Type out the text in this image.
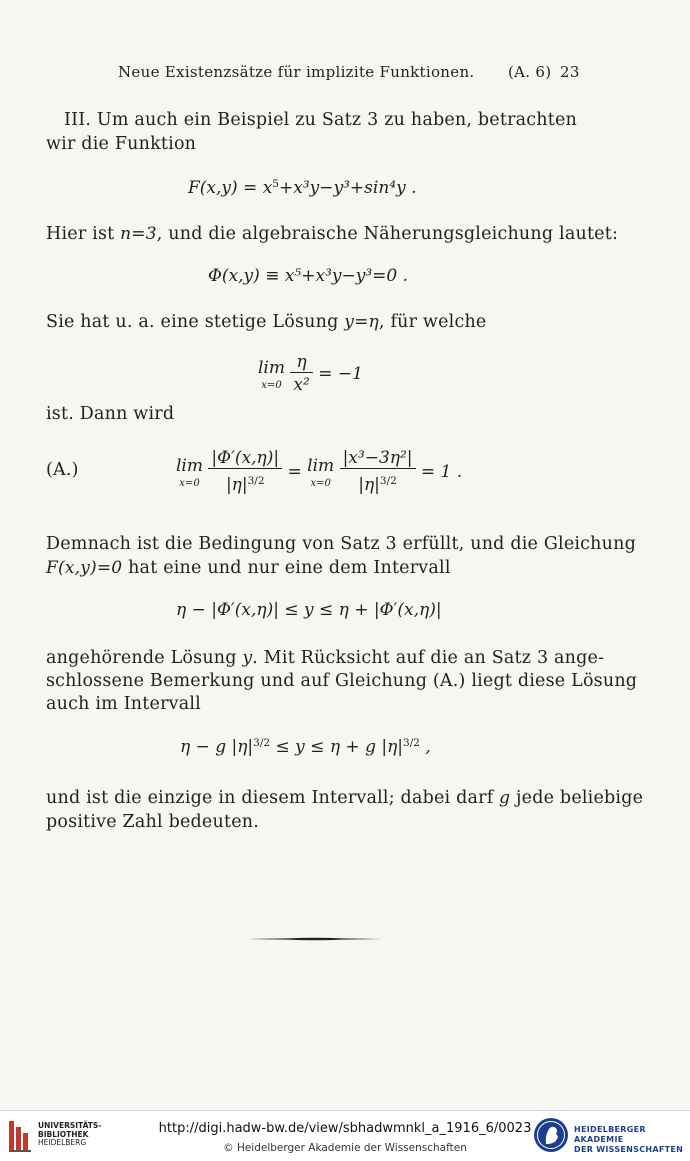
Neue Existenzsätze für implizite Funktionen. (A. 6) 23
III. Um auch ein Beispiel zu Satz 3 zu haben, betrachten
wir die Funktion
$F(x,y) = x^5+x^3y-y^3+\sin^4y$ .
Hier ist n=3, und die algebraische Näherungsgleichung lautet:
Φ(x,y) ≡ x⁵+x³y−y³=0 .
Sie hat u. a. eine stetige Lösung y=η, für welche
lim
x=0
$\frac{\eta}{\text{x²}} = -1$
ist. Dann wird
(A.)	lim
x=0
$\frac{|\Phi'(x,\eta)|}{|\eta|^{3/2}} = \lim$
x=0
$\frac{\text{|x³−3η²|}}{|\eta|^{3/2}} = 1$ .
Demnach ist die Bedingung von Satz 3 erfüllt, und die Gleichung
F(x,y)=0 hat eine und nur eine dem Intervall
η − |Φ′(x,η)| ≤ y ≤ η + |Φ′(x,η)|
angehörende Lösung y. Mit Rücksicht auf die an Satz 3 ange-
schlossene Bemerkung und auf Gleichung (A.) liegt diese Lösung
auch im Intervall
η − g $|\eta|^{3/2} \le y \le \eta + g$ $|\eta|^{3/2}$ ,
und ist die einzige in diesem Intervall; dabei darf g jede beliebige
positive Zahl bedeuten.
UNIVERSITÄTS-
BIBLIOTHEK
HEIDELBERG
http://digi.hadw-bw.de/view/sbhadwmnkl_a_1916_6/0023
© Heidelberger Akademie der Wissenschaften
HEIDELBERGER AKADEMIE
DER WISSENSCHAFTEN
